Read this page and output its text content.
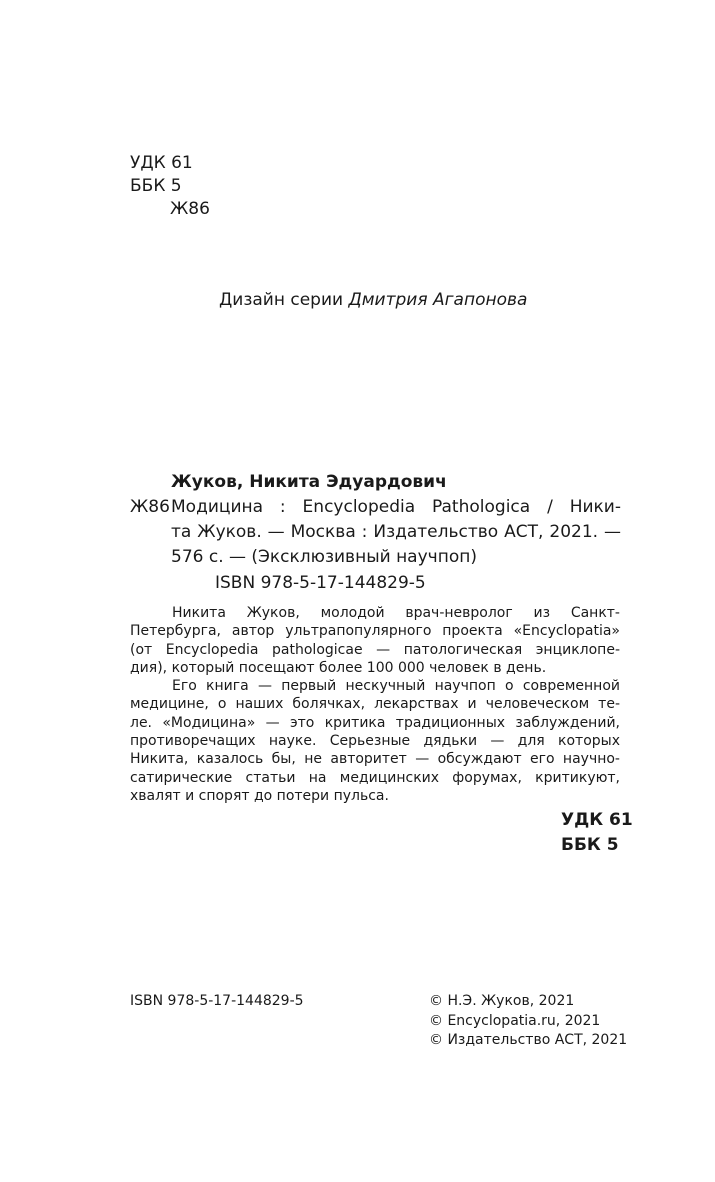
УДК 61
ББК 5
Ж86
Дизайн серии Дмитрия Агапонова
Жуков, Никита Эдуардович
Ж86 Модицина : Encyclopedia Pathologica / Ники-
та Жуков. — Москва : Издательство АСТ, 2021. —
576 с. — (Эксклюзивный научпоп)
ISBN 978-5-17-144829-5
Никита Жуков, молодой врач-невролог из Санкт-
Петербурга, автор ультрапопулярного проекта «Encyclopatia»
(от Encyclopedia pathologicae — патологическая энциклопе-
дия), который посещают более 100 000 человек в день.
Его книга — первый нескучный научпоп о современной
медицине, о наших болячках, лекарствах и человеческом те-
ле. «Модицина» — это критика традиционных заблуждений,
противоречащих науке. Серьезные дядьки — для которых
Никита, казалось бы, не авторитет — обсуждают его научно-
сатирические статьи на медицинских форумах, критикуют,
хвалят и спорят до потери пульса.
УДК 61
ББК 5
ISBN 978-5-17-144829-5	© Н.Э. Жуков, 2021
© Encyclopatia.ru, 2021
© Издательство АСТ, 2021
